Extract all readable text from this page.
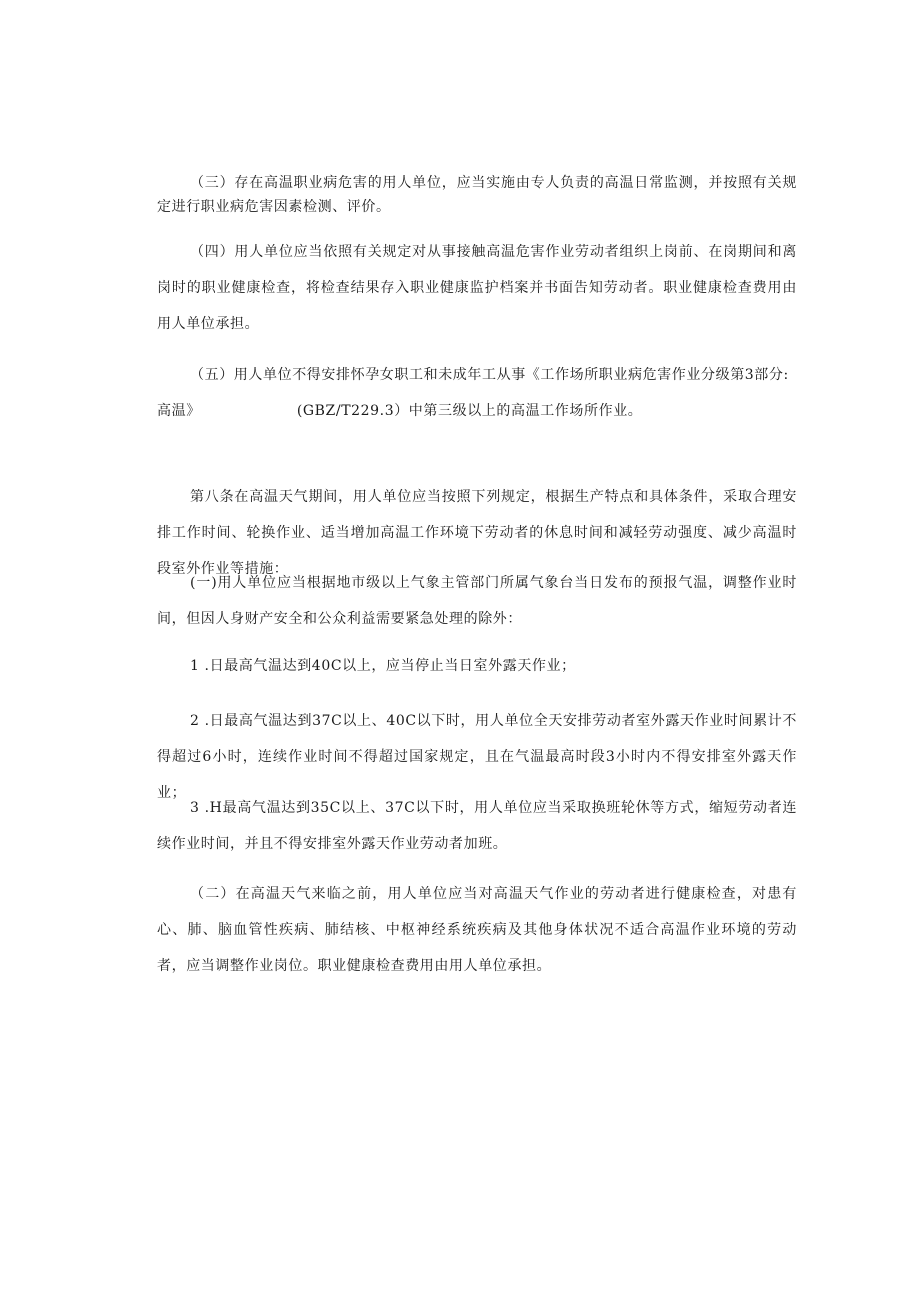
（三）存在高温职业病危害的用人单位，应当实施由专人负责的高温日常监测，并按照有关规定进行职业病危害因素检测、评价。

（四）用人单位应当依照有关规定对从事接触高温危害作业劳动者组织上岗前、在岗期间和离岗时的职业健康检查，将检查结果存入职业健康监护档案并书面告知劳动者。职业健康检查费用由用人单位承担。

（五）用人单位不得安排怀孕女职工和未成年工从事《工作场所职业病危害作业分级第3部分:
高温》	(GBZ/T229.3）中第三级以上的高温工作场所作业。

第八条在高温天气期间，用人单位应当按照下列规定，根据生产特点和具体条件，采取合理安排工作时间、轮换作业、适当增加高温工作环境下劳动者的休息时间和减轻劳动强度、减少高温时段室外作业等措施：

(一)用人单位应当根据地市级以上气象主管部门所属气象台当日发布的预报气温，调整作业时间，但因人身财产安全和公众利益需要紧急处理的除外：

1 .日最高气温达到40C以上，应当停止当日室外露天作业；

2 .日最高气温达到37C以上、40C以下时，用人单位全天安排劳动者室外露天作业时间累计不得超过6小时，连续作业时间不得超过国家规定，且在气温最高时段3小时内不得安排室外露天作业；

3 .H最高气温达到35C以上、37C以下时，用人单位应当采取换班轮休等方式，缩短劳动者连续作业时间，并且不得安排室外露天作业劳动者加班。

（二）在高温天气来临之前，用人单位应当对高温天气作业的劳动者进行健康检查，对患有心、肺、脑血管性疾病、肺结核、中枢神经系统疾病及其他身体状况不适合高温作业环境的劳动者，应当调整作业岗位。职业健康检查费用由用人单位承担。
